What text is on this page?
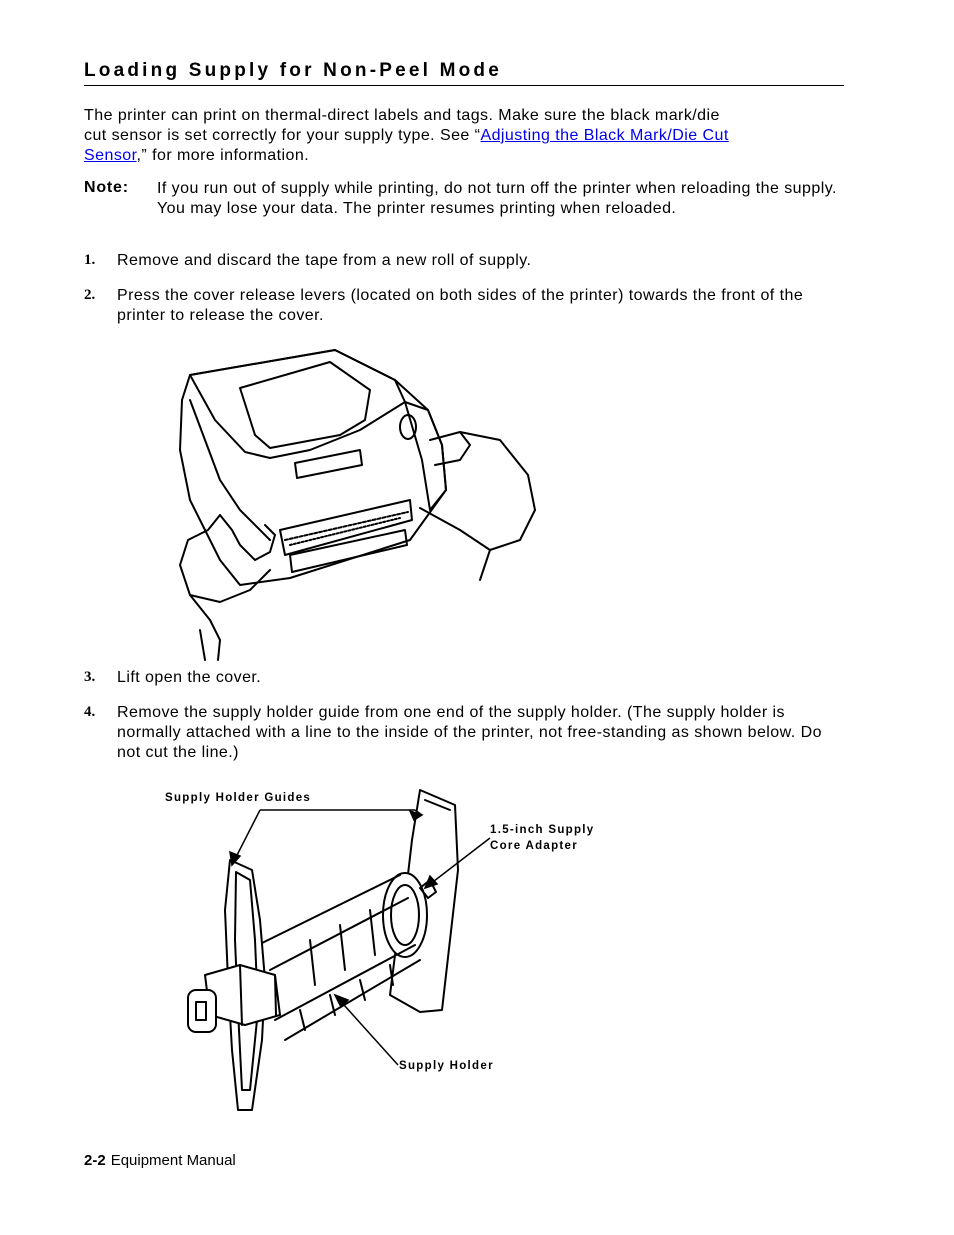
Loading Supply for Non-Peel Mode
The printer can print on thermal-direct labels and tags. Make sure the black mark/die
cut sensor is set correctly for your supply type. See “Adjusting the Black Mark/Die Cut
Sensor,” for more information.
Note: If you run out of supply while printing, do not turn off the printer when reloading the supply. You may lose your data. The printer resumes printing when reloaded.
1. Remove and discard the tape from a new roll of supply.
2. Press the cover release levers (located on both sides of the printer) towards the front of the printer to release the cover.
3. Lift open the cover.
4. Remove the supply holder guide from one end of the supply holder. (The supply holder is normally attached with a line to the inside of the printer, not free-standing as shown below. Do not cut the line.)
Supply Holder Guides
1.5-inch Supply
Core Adapter
Supply Holder
2-2 Equipment Manual
